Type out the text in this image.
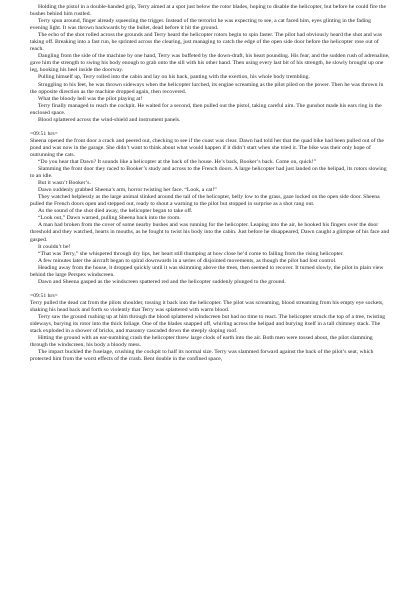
Holding the pistol in a double-handed grip, Terry aimed at a spot just below the rotor blades, hoping to disable the helicopter, but before he could fire the bushes behind him rustled.

Terry spun around, finger already squeezing the trigger. Instead of the terrorist he was expecting to see, a cat faced him, eyes glinting in the fading evening light. It was thrown backwards by the bullet, dead before it hit the ground.

The echo of the shot rolled across the grounds and Terry heard the helicopter rotors begin to spin faster. The pilot had obviously heard the shot and was taking off. Breaking into a fast run, he sprinted across the clearing, just managing to catch the edge of the open side door before the helicopter rose out of reach.

Dangling from the side of the machine by one hand, Terry was buffeted by the down-draft, his heart pounding. His fear, and the sudden rush of adrenaline, gave him the strength to swing his body enough to grab onto the sill with his other hand. Then using every last bit of his strength, he slowly brought up one leg, hooking his heel inside the doorway.

Pulling himself up, Terry rolled into the cabin and lay on his back, panting with the exertion, his whole body trembling.

Struggling to his feet, he was thrown sideways when the helicopter lurched, its engine screaming as the pilot piled on the power. Then he was thrown in the opposite direction as the machine dropped again, then recovered.

What the bloody hell was the pilot playing at!

Terry finally managed to reach the cockpit. He waited for a second, then pulled out the pistol, taking careful aim. The gunshot made his ears ring in the enclosed space.

Blood splattered across the wind-shield and instrument panels.

=09:51 hrs=

Sheena opened the front door a crack and peered out, checking to see if the coast was clear. Dawn had told her that the quad bike had been pulled out of the pond and was now in the garage. She didn’t want to think about what would happen if it didn’t start when she tried it. The bike was their only hope of outrunning the cats.

“Do you hear that Dawn? It sounds like a helicopter at the back of the house. He’s back, Booker’s back. Come on, quick!”

Slamming the front door they raced to Booker’s study and across to the French doors. A large helicopter had just landed on the helipad, its rotors slowing to an idle.

But it wasn’t Booker’s.

Dawn suddenly grabbed Sheena’s arm, horror twisting her face. “Look, a cat!”

They watched helplessly as the large animal slinked around the tail of the helicopter, belly low to the grass, gaze locked on the open side door. Sheena pulled the French doors open and stepped out, ready to shout a warning to the pilot but stopped in surprise as a shot rang out.

As the sound of the shot died away, the helicopter began to take off.

“Look out,” Dawn warned, pulling Sheena back into the room.

A man had broken from the cover of some nearby bushes and was running for the helicopter. Leaping into the air, he hooked his fingers over the door threshold and they watched, hearts in mouths, as he fought to twist his body into the cabin. Just before he disappeared, Dawn caught a glimpse of his face and gasped.

It couldn’t be!

“That was Terry,” she whispered through dry lips, her heart still thumping at how close he’d come to falling from the rising helicopter.

A few minutes later the aircraft began to spiral downwards in a series of disjointed movements, as though the pilot had lost control.

Heading away from the house, it dropped quickly until it was skimming above the trees, then seemed to recover. It turned slowly, the pilot in plain view behind the large Perspex windscreen.

Dawn and Sheena gasped as the windscreen spattered red and the helicopter suddenly plunged to the ground.

=09:51 hrs=

Terry pulled the dead cat from the pilots shoulder, tossing it back into the helicopter. The pilot was screaming, blood streaming from his empty eye sockets, shaking his head back and forth so violently that Terry was splattered with warm blood.

Terry saw the ground rushing up at him through the blood splattered windscreen but had no time to react. The helicopter struck the top of a tree, twisting sideways, burying its rotor into the thick foliage. One of the blades snapped off, whirling across the helipad and burying itself in a tall chimney stack. The stack exploded in a shower of bricks, and masonry cascaded down the steeply sloping roof.

Hitting the ground with an ear-numbing crash the helicopter threw large clods of earth into the air. Both men were tossed about, the pilot slamming through the windscreen, his body a bloody mess.

The impact buckled the fuselage, crushing the cockpit to half its normal size. Terry was slammed forward against the back of the pilot’s seat, which protected him from the worst effects of the crash. Bent double in the confined space,
